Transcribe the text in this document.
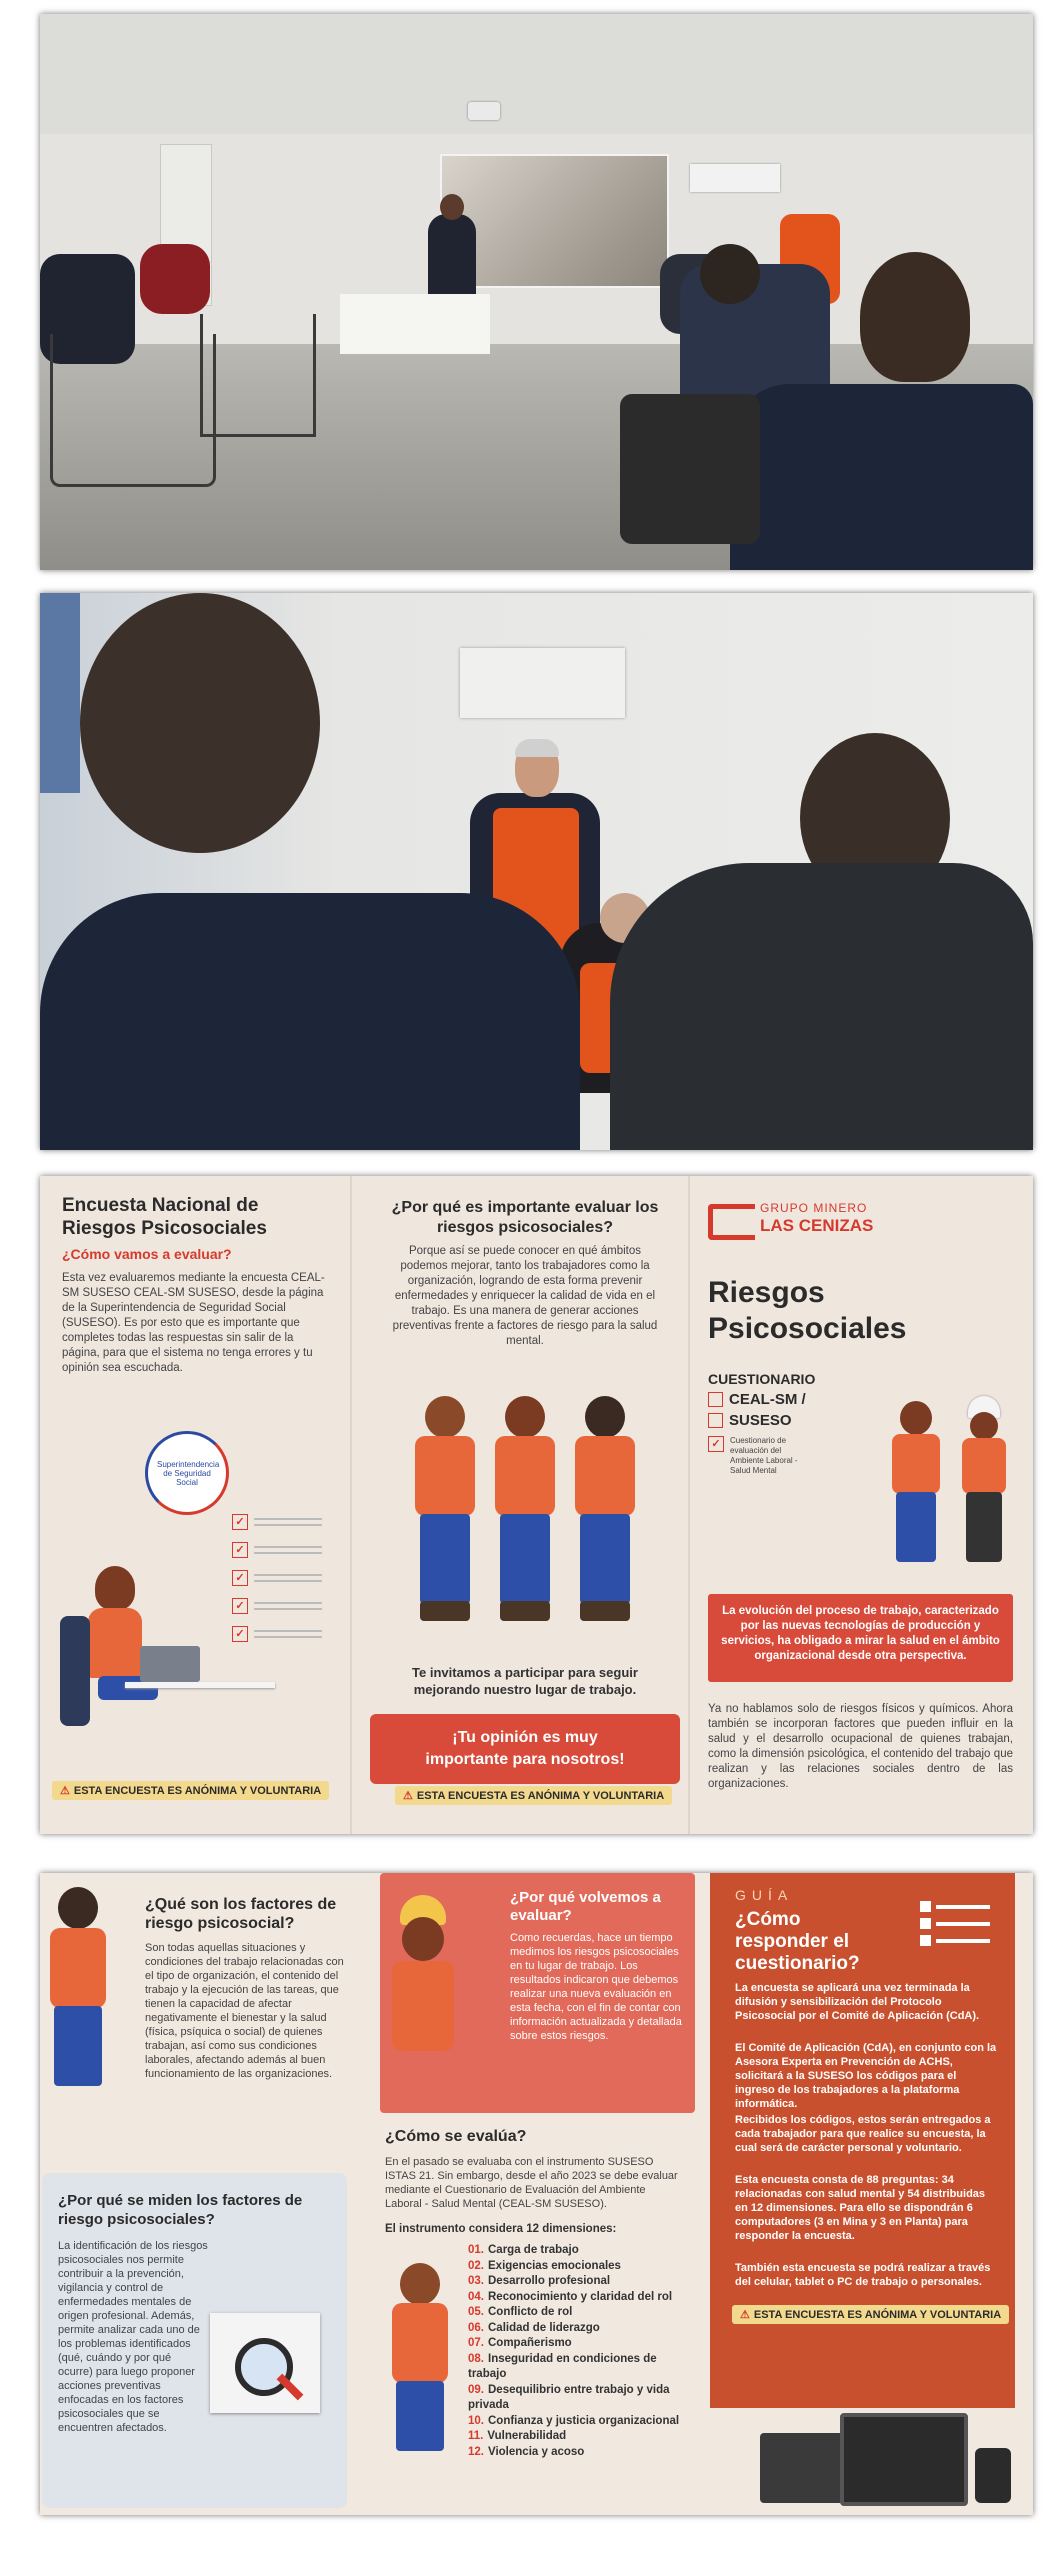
Encuesta Nacional de Riesgos Psicosociales
¿Cómo vamos a evaluar?
Esta vez evaluaremos mediante la encuesta CEAL-SM SUSESO CEAL-SM SUSESO, desde la página de la Superintendencia de Seguridad Social (SUSESO). Es por esto que es importante que completes todas las respuestas sin salir de la página, para que el sistema no tenga errores y tu opinión sea escuchada.
Superintendencia de Seguridad Social
✓
✓
✓
✓
✓
⚠ ESTA ENCUESTA ES ANÓNIMA Y VOLUNTARIA
¿Por qué es importante evaluar los riesgos psicosociales?
Porque así se puede conocer en qué ámbitos podemos mejorar, tanto los trabajadores como la organización, logrando de esta forma prevenir enfermedades y enriquecer la calidad de vida en el trabajo. Es una manera de generar acciones preventivas frente a factores de riesgo para la salud mental.
Te invitamos a participar para seguir mejorando nuestro lugar de trabajo.
¡Tu opinión es muy importante para nosotros!
⚠ ESTA ENCUESTA ES ANÓNIMA Y VOLUNTARIA
GRUPO MINERO
LAS CENIZAS
Riesgos
Psicosociales
CUESTIONARIO
CEAL-SM /
SUSESO
✓	Cuestionario de evaluación del Ambiente Laboral - Salud Mental
La evolución del proceso de trabajo, caracterizado por las nuevas tecnologías de producción y servicios, ha obligado a mirar la salud en el ámbito organizacional desde otra perspectiva.
Ya no hablamos solo de riesgos físicos y químicos. Ahora también se incorporan factores que pueden influir en la salud y el desarrollo ocupacional de quienes trabajan, como la dimensión psicológica, el contenido del trabajo que realizan y las relaciones sociales dentro de las organizaciones.
¿Qué son los factores de riesgo psicosocial?
Son todas aquellas situaciones y condiciones del trabajo relacionadas con el tipo de organización, el contenido del trabajo y la ejecución de las tareas, que tienen la capacidad de afectar negativamente el bienestar y la salud (física, psíquica o social) de quienes trabajan, así como sus condiciones laborales, afectando además al buen funcionamiento de las organizaciones.
¿Por qué se miden los factores de riesgo psicosociales?
La identificación de los riesgos psicosociales nos permite contribuir a la prevención, vigilancia y control de enfermedades mentales de origen profesional. Además, permite analizar cada uno de los problemas identificados (qué, cuándo y por qué ocurre) para luego proponer acciones preventivas enfocadas en los factores psicosociales que se encuentren afectados.
¿Por qué volvemos a evaluar?
Como recuerdas, hace un tiempo medimos los riesgos psicosociales en tu lugar de trabajo. Los resultados indicaron que debemos realizar una nueva evaluación en esta fecha, con el fin de contar con información actualizada y detallada sobre estos riesgos.
¿Cómo se evalúa?
En el pasado se evaluaba con el instrumento SUSESO ISTAS 21. Sin embargo, desde el año 2023 se debe evaluar mediante el Cuestionario de Evaluación del Ambiente Laboral - Salud Mental (CEAL-SM SUSESO).
El instrumento considera 12 dimensiones:
01. Carga de trabajo
02. Exigencias emocionales
03. Desarrollo profesional
04. Reconocimiento y claridad del rol
05. Conflicto de rol
06. Calidad de liderazgo
07. Compañerismo
08. Inseguridad en condiciones de trabajo
09. Desequilibrio entre trabajo y vida privada
10. Confianza y justicia organizacional
11. Vulnerabilidad
12. Violencia y acoso
GUÍA
¿Cómo responder el cuestionario?
La encuesta se aplicará una vez terminada la difusión y sensibilización del Protocolo Psicosocial por el Comité de Aplicación (CdA).
El Comité de Aplicación (CdA), en conjunto con la Asesora Experta en Prevención de ACHS, solicitará a la SUSESO los códigos para el ingreso de los trabajadores a la plataforma informática.
Recibidos los códigos, estos serán entregados a cada trabajador para que realice su encuesta, la cual será de carácter personal y voluntario.
Esta encuesta consta de 88 preguntas: 34 relacionadas con salud mental y 54 distribuidas en 12 dimensiones. Para ello se dispondrán 6 computadores (3 en Mina y 3 en Planta) para responder la encuesta.
También esta encuesta se podrá realizar a través del celular, tablet o PC de trabajo o personales.
⚠ ESTA ENCUESTA ES ANÓNIMA Y VOLUNTARIA
